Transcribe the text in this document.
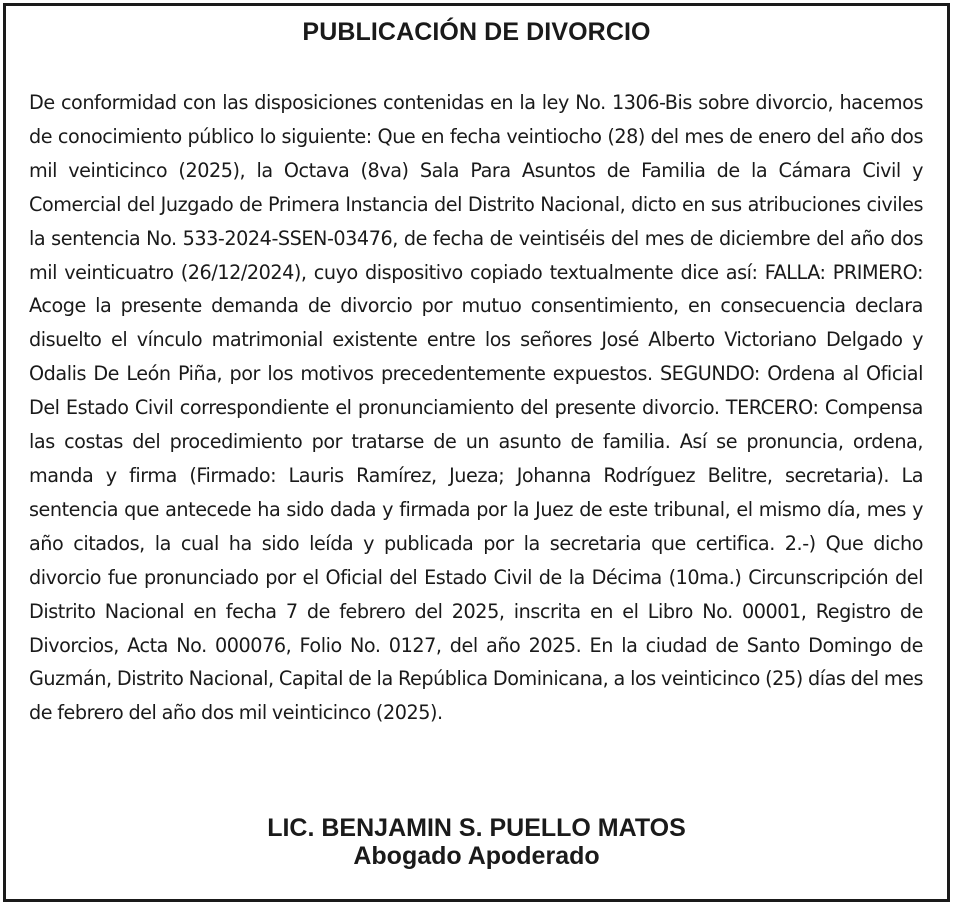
PUBLICACIÓN DE DIVORCIO
De conformidad con las disposiciones contenidas en la ley No. 1306-Bis sobre divorcio, hacemos de conocimiento público lo siguiente: Que en fecha veintiocho (28) del mes de enero del año dos mil veinticinco (2025), la Octava (8va) Sala Para Asuntos de Familia de la Cámara Civil y Comercial del Juzgado de Primera Instancia del Distrito Nacional, dicto en sus atribuciones civiles la sentencia No. 533-2024-SSEN-03476, de fecha de veintiséis del mes de diciembre del año dos mil veinticuatro (26/12/2024), cuyo dispositivo copiado textualmente dice así: FALLA: PRIMERO: Acoge la presente demanda de divorcio por mutuo consentimiento, en consecuencia declara disuelto el vínculo matrimonial existente entre los señores José Alberto Victoriano Delgado y Odalis De León Piña, por los motivos precedentemente expuestos. SEGUNDO: Ordena al Oficial Del Estado Civil correspondiente el pronunciamiento del presente divorcio. TERCERO: Compensa las costas del procedimiento por tratarse de un asunto de familia. Así se pronuncia, ordena, manda y firma (Firmado: Lauris Ramírez, Jueza; Johanna Rodríguez Belitre, secretaria). La sentencia que antecede ha sido dada y firmada por la Juez de este tribunal, el mismo día, mes y año citados, la cual ha sido leída y publicada por la secretaria que certifica. 2.-) Que dicho divorcio fue pronunciado por el Oficial del Estado Civil de la Décima (10ma.) Circunscripción del Distrito Nacional en fecha 7 de febrero del 2025, inscrita en el Libro No. 00001, Registro de Divorcios, Acta No. 000076, Folio No. 0127, del año 2025. En la ciudad de Santo Domingo de Guzmán, Distrito Nacional, Capital de la República Dominicana, a los veinticinco (25) días del mes de febrero del año dos mil veinticinco (2025).
LIC. BENJAMIN S. PUELLO MATOS
Abogado Apoderado
